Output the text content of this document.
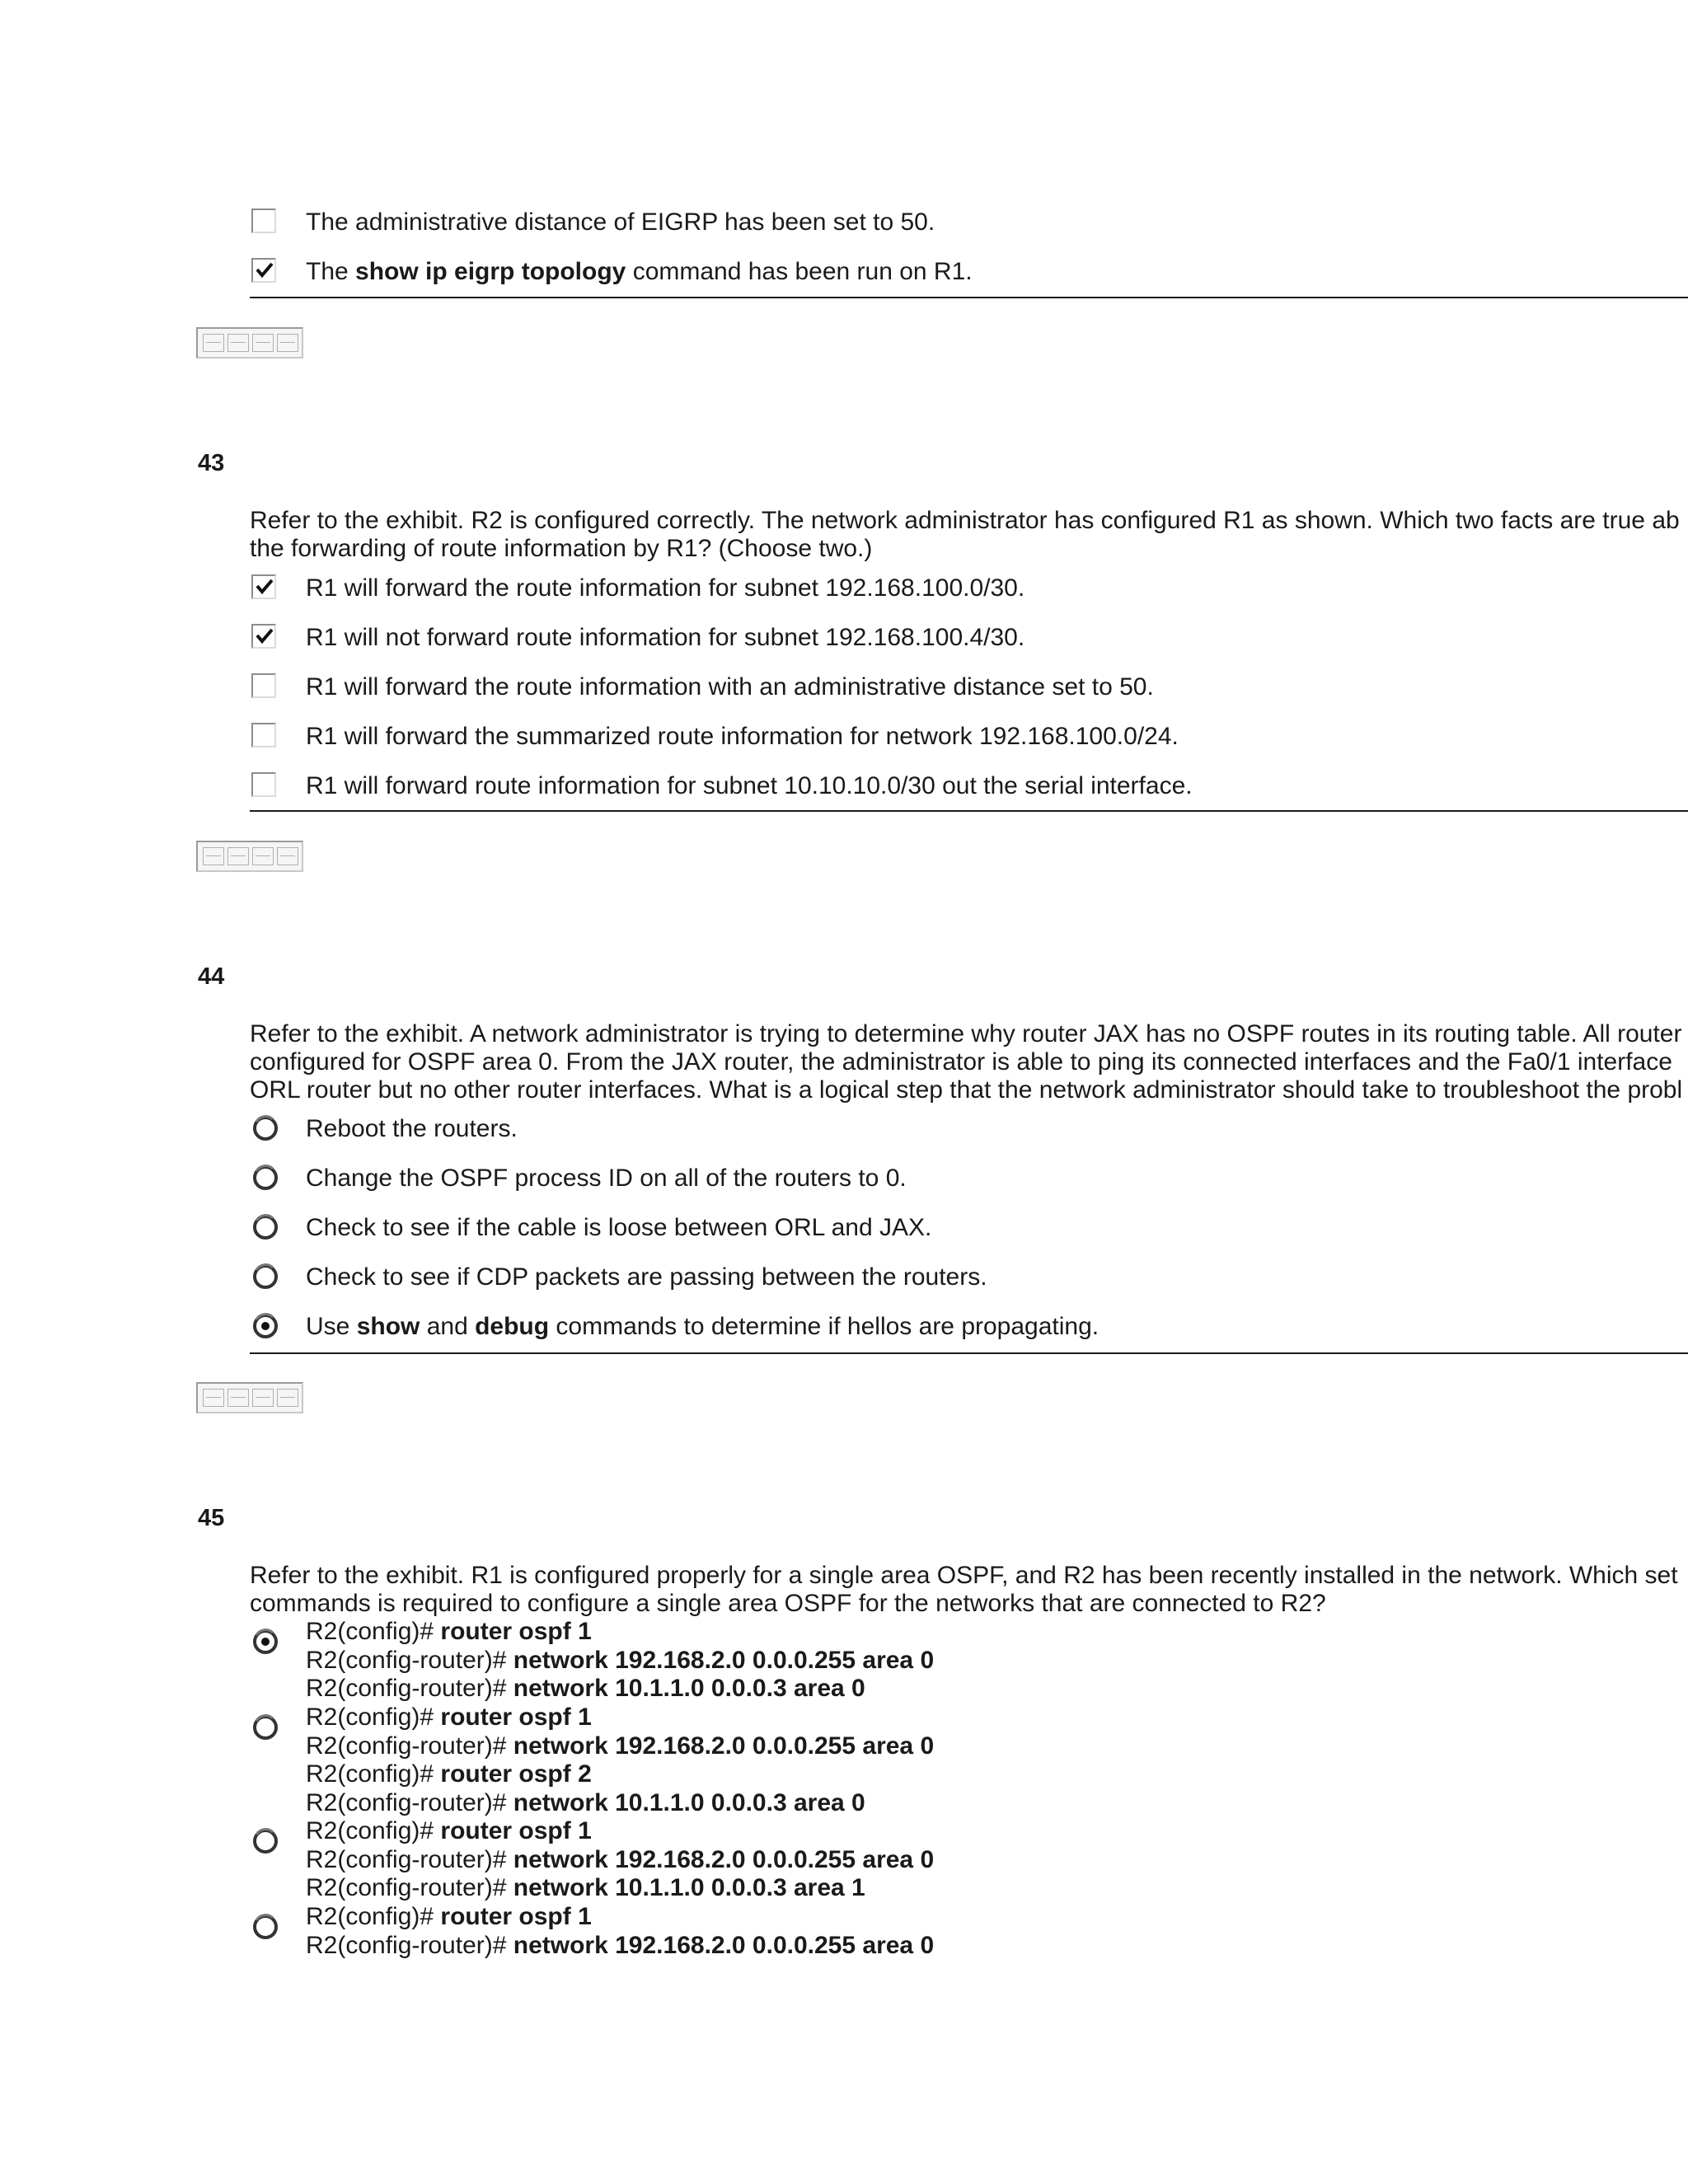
The administrative distance of EIGRP has been set to 50.
The show ip eigrp topology command has been run on R1.
43
Refer to the exhibit. R2 is configured correctly. The network administrator has configured R1 as shown. Which two facts are true ab
the forwarding of route information by R1? (Choose two.)
R1 will forward the route information for subnet 192.168.100.0/30.
R1 will not forward route information for subnet 192.168.100.4/30.
R1 will forward the route information with an administrative distance set to 50.
R1 will forward the summarized route information for network 192.168.100.0/24.
R1 will forward route information for subnet 10.10.10.0/30 out the serial interface.
44
Refer to the exhibit. A network administrator is trying to determine why router JAX has no OSPF routes in its routing table. All router
configured for OSPF area 0. From the JAX router, the administrator is able to ping its connected interfaces and the Fa0/1 interface
ORL router but no other router interfaces. What is a logical step that the network administrator should take to troubleshoot the probl
Reboot the routers.
Change the OSPF process ID on all of the routers to 0.
Check to see if the cable is loose between ORL and JAX.
Check to see if CDP packets are passing between the routers.
Use show and debug commands to determine if hellos are propagating.
45
Refer to the exhibit. R1 is configured properly for a single area OSPF, and R2 has been recently installed in the network. Which set
commands is required to configure a single area OSPF for the networks that are connected to R2?
R2(config)# router ospf 1
R2(config-router)# network 192.168.2.0 0.0.0.255 area 0
R2(config-router)# network 10.1.1.0 0.0.0.3 area 0
R2(config)# router ospf 1
R2(config-router)# network 192.168.2.0 0.0.0.255 area 0
R2(config)# router ospf 2
R2(config-router)# network 10.1.1.0 0.0.0.3 area 0
R2(config)# router ospf 1
R2(config-router)# network 192.168.2.0 0.0.0.255 area 0
R2(config-router)# network 10.1.1.0 0.0.0.3 area 1
R2(config)# router ospf 1
R2(config-router)# network 192.168.2.0 0.0.0.255 area 0
